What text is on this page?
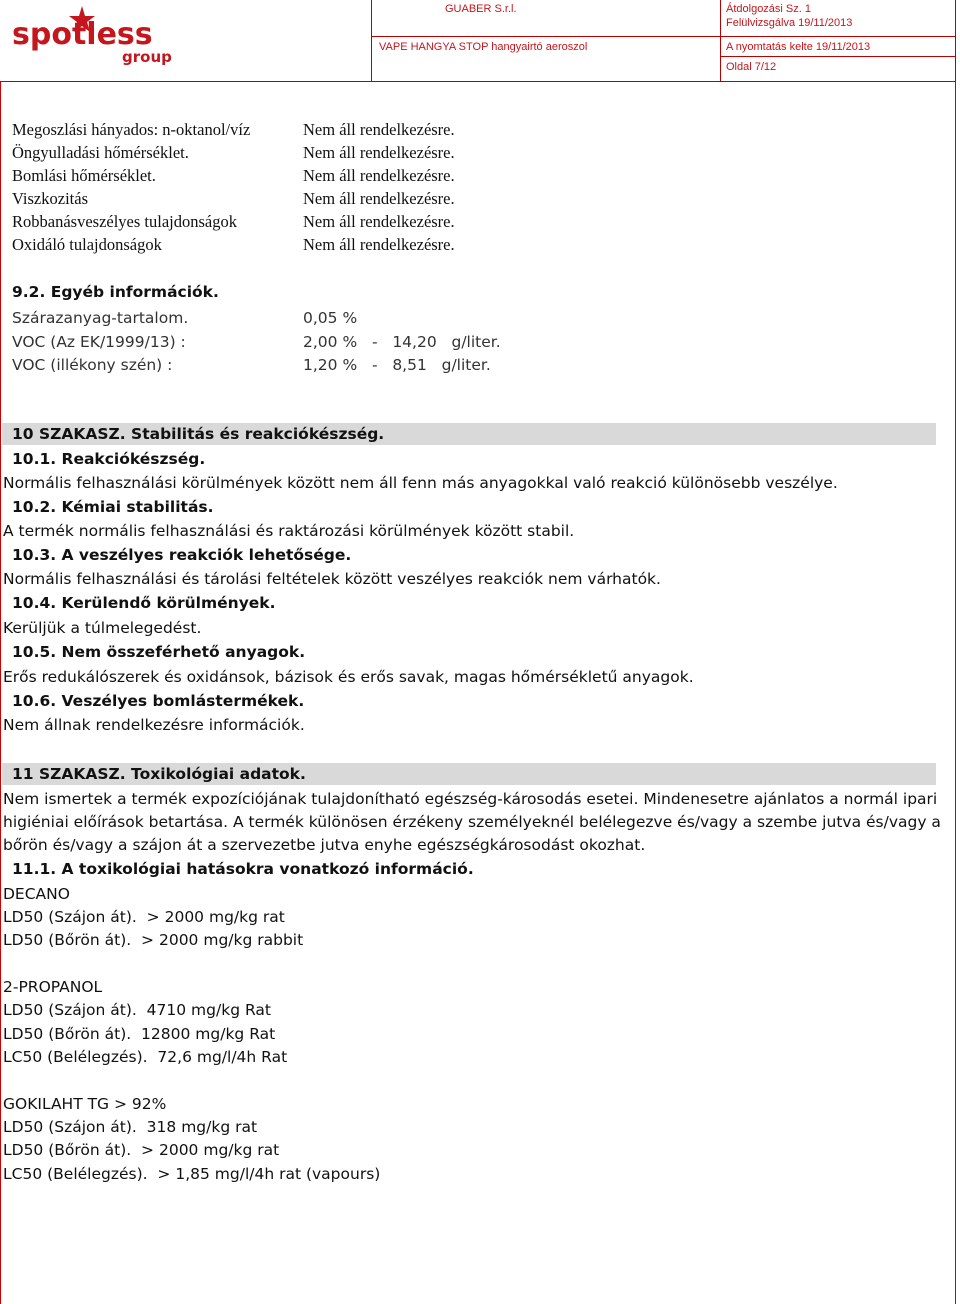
spotless
group
GUABER S.r.l.
VAPE HANGYA STOP hangyairtó aeroszol
Átdolgozási Sz. 1
Felülvizsgálva 19/11/2013
A nyomtatás kelte 19/11/2013
Oldal 7/12
Megoszlási hányados: n-oktanol/víz	Nem áll rendelkezésre.
Öngyulladási hőmérséklet.	Nem áll rendelkezésre.
Bomlási hőmérséklet.	Nem áll rendelkezésre.
Viszkozitás	Nem áll rendelkezésre.
Robbanásveszélyes tulajdonságok	Nem áll rendelkezésre.
Oxidáló tulajdonságok	Nem áll rendelkezésre.
9.2. Egyéb információk.
Szárazanyag-tartalom.	0,05 %
VOC (Az EK/1999/13) :	2,00 %   -   14,20   g/liter.
VOC (illékony szén) :	1,20 %   -   8,51   g/liter.
10 SZAKASZ. Stabilitás és reakciókészség.
10.1. Reakciókészség.
Normális felhasználási körülmények között nem áll fenn más anyagokkal való reakció különösebb veszélye.
10.2. Kémiai stabilitás.
A termék normális felhasználási és raktározási körülmények között stabil.
10.3. A veszélyes reakciók lehetősége.
Normális felhasználási és tárolási feltételek között veszélyes reakciók nem várhatók.
10.4. Kerülendő körülmények.
Kerüljük a túlmelegedést.
10.5. Nem összeférhető anyagok.
Erős redukálószerek és oxidánsok, bázisok és erős savak, magas hőmérsékletű anyagok.
10.6. Veszélyes bomlástermékek.
Nem állnak rendelkezésre információk.
11 SZAKASZ. Toxikológiai adatok.
Nem ismertek a termék expozíciójának tulajdonítható egészség-károsodás esetei. Mindenesetre ajánlatos a normál ipari
higiéniai előírások betartása. A termék különösen érzékeny személyeknél belélegezve és/vagy a szembe jutva és/vagy a
bőrön és/vagy a szájon át a szervezetbe jutva enyhe egészségkárosodást okozhat.
11.1. A toxikológiai hatásokra vonatkozó információ.
DECANO
LD50 (Szájon át).  > 2000 mg/kg rat
LD50 (Bőrön át).  > 2000 mg/kg rabbit
2-PROPANOL
LD50 (Szájon át).  4710 mg/kg Rat
LD50 (Bőrön át).  12800 mg/kg Rat
LC50 (Belélegzés).  72,6 mg/l/4h Rat
GOKILAHT TG > 92%
LD50 (Szájon át).  318 mg/kg rat
LD50 (Bőrön át).  > 2000 mg/kg rat
LC50 (Belélegzés).  > 1,85 mg/l/4h rat (vapours)
